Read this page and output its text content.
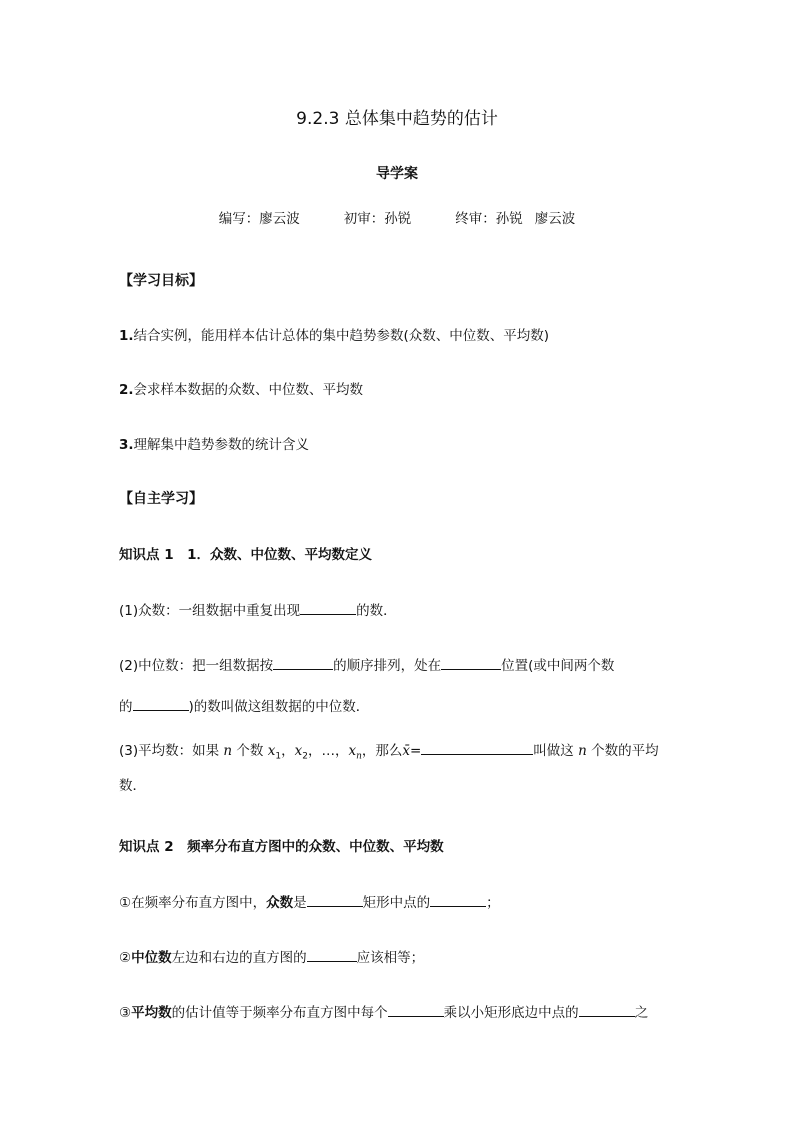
9.2.3 总体集中趋势的估计
导学案
编写：廖云波	初审：孙锐	终审：孙锐 廖云波
【学习目标】
1.结合实例，能用样本估计总体的集中趋势参数(众数、中位数、平均数)
2.会求样本数据的众数、中位数、平均数
3.理解集中趋势参数的统计含义
【自主学习】
知识点 1　1．众数、中位数、平均数定义
(1)众数：一组数据中重复出现	的数．
(2)中位数：把一组数据按	的顺序排列，处在	位置(或中间两个数
的	)的数叫做这组数据的中位数．
(3)平均数：如果 n 个数 $x_1$，$x_2$，…，$x_n$，那么x̄=	叫做这 n 个数的平均
数．
知识点 2　频率分布直方图中的众数、中位数、平均数
①在频率分布直方图中，众数是	矩形中点的	；
②中位数左边和右边的直方图的	应该相等；
③平均数的估计值等于频率分布直方图中每个	乘以小矩形底边中点的	之
